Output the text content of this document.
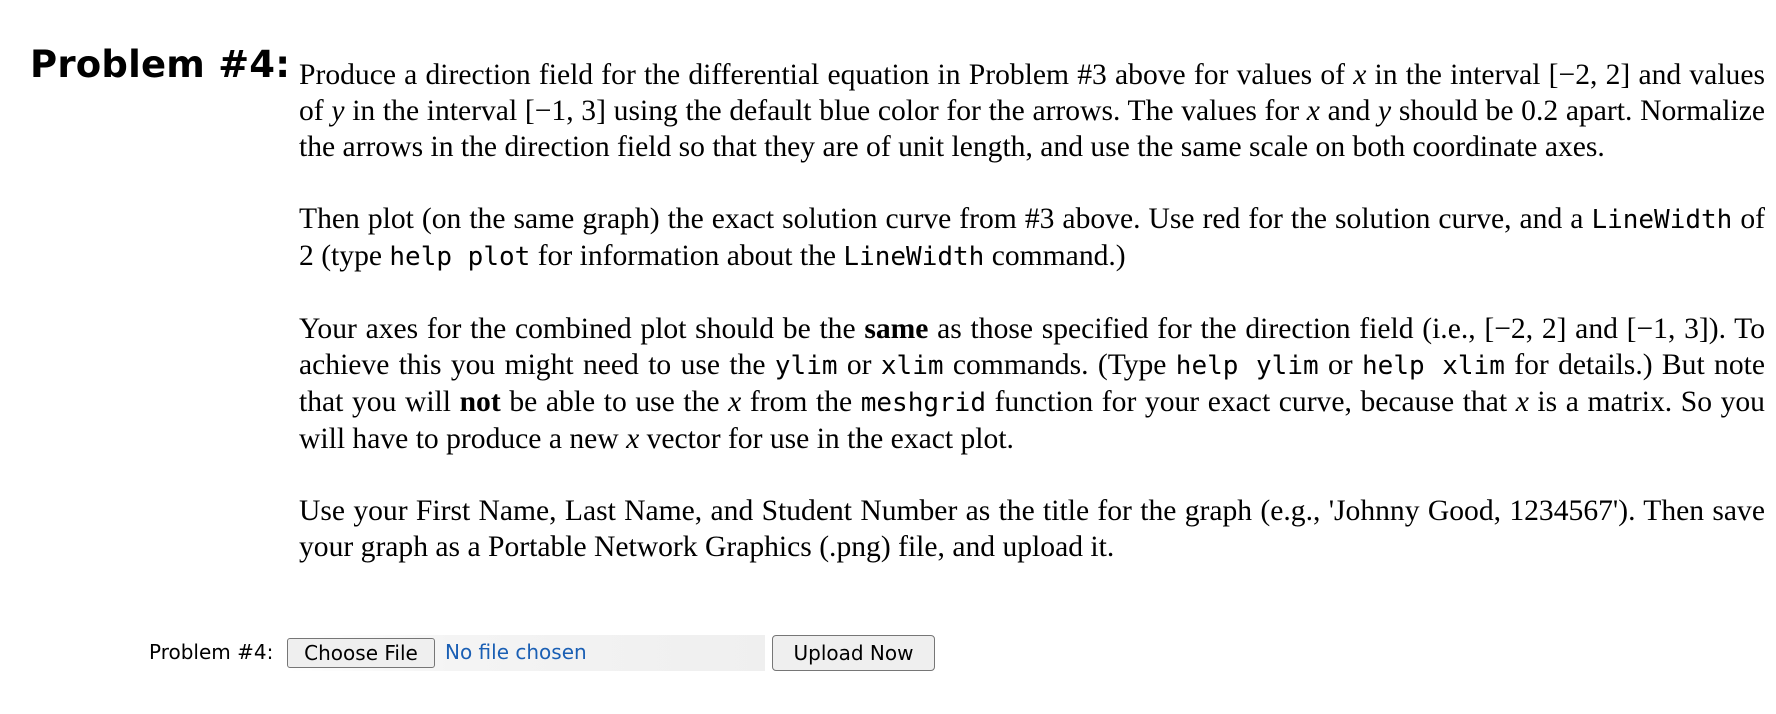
Problem #4: Produce a direction field for the differential equation in Problem #3 above for values of x in the interval [−2, 2] and values of y in the interval [−1, 3] using the default blue color for the arrows. The values for x and y should be 0.2 apart. Normalize the arrows in the direction field so that they are of unit length, and use the same scale on both coordinate axes.

Then plot (on the same graph) the exact solution curve from #3 above. Use red for the solution curve, and a LineWidth of 2 (type help plot for information about the LineWidth command.)

Your axes for the combined plot should be the same as those specified for the direction field (i.e., [−2, 2] and [−1, 3]). To achieve this you might need to use the ylim or xlim commands. (Type help ylim or help xlim for details.) But note that you will not be able to use the x from the meshgrid function for your exact curve, because that x is a matrix. So you will have to produce a new x vector for use in the exact plot.

Use your First Name, Last Name, and Student Number as the title for the graph (e.g., 'Johnny Good, 1234567'). Then save your graph as a Portable Network Graphics (.png) file, and upload it.

Problem #4:	Choose File	No file chosen	Upload Now
